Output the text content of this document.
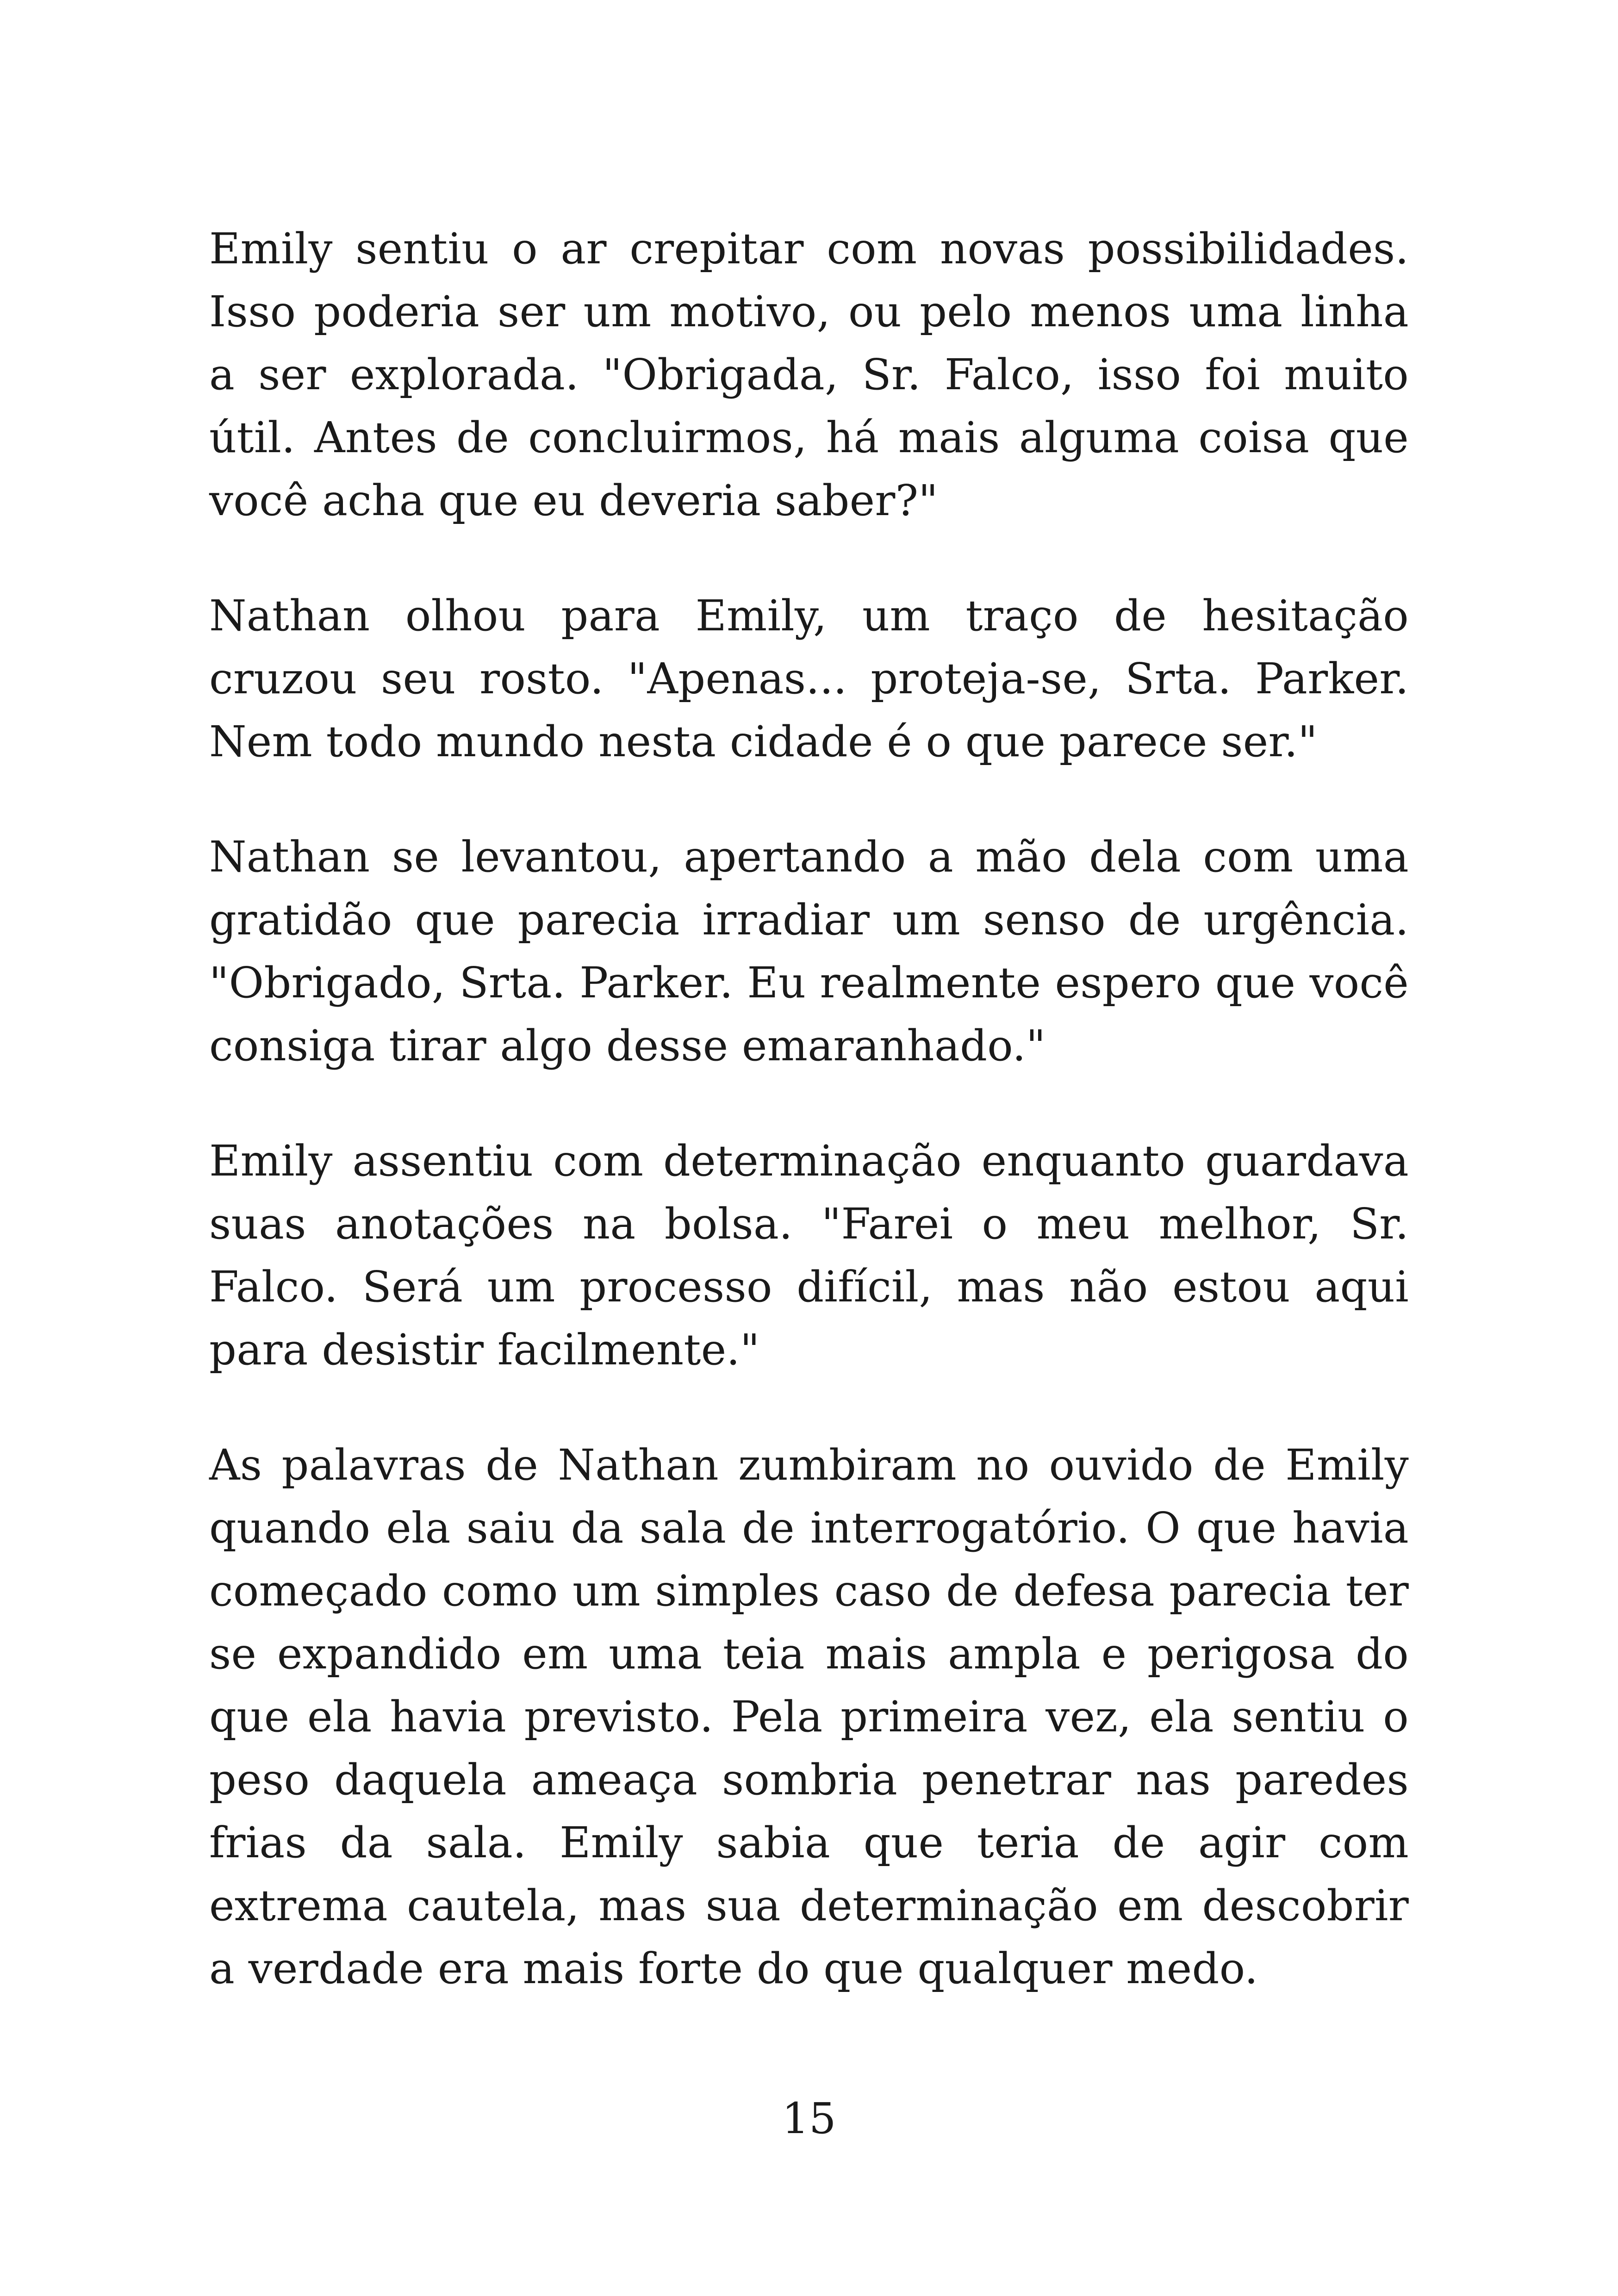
Emily sentiu o ar crepitar com novas possibilidades. Isso poderia ser um motivo, ou pelo menos uma linha a ser explorada. "Obrigada, Sr. Falco, isso foi muito útil. Antes de concluirmos, há mais alguma coisa que você acha que eu deveria saber?"

Nathan olhou para Emily, um traço de hesitação cruzou seu rosto. "Apenas... proteja-se, Srta. Parker. Nem todo mundo nesta cidade é o que parece ser."

Nathan se levantou, apertando a mão dela com uma gratidão que parecia irradiar um senso de urgência. "Obrigado, Srta. Parker. Eu realmente espero que você consiga tirar algo desse emaranhado."

Emily assentiu com determinação enquanto guardava suas anotações na bolsa. "Farei o meu melhor, Sr. Falco. Será um processo difícil, mas não estou aqui para desistir facilmente."

As palavras de Nathan zumbiram no ouvido de Emily quando ela saiu da sala de interrogatório. O que havia começado como um simples caso de defesa parecia ter se expandido em uma teia mais ampla e perigosa do que ela havia previsto. Pela primeira vez, ela sentiu o peso daquela ameaça sombria penetrar nas paredes frias da sala. Emily sabia que teria de agir com extrema cautela, mas sua determinação em descobrir a verdade era mais forte do que qualquer medo.

15
